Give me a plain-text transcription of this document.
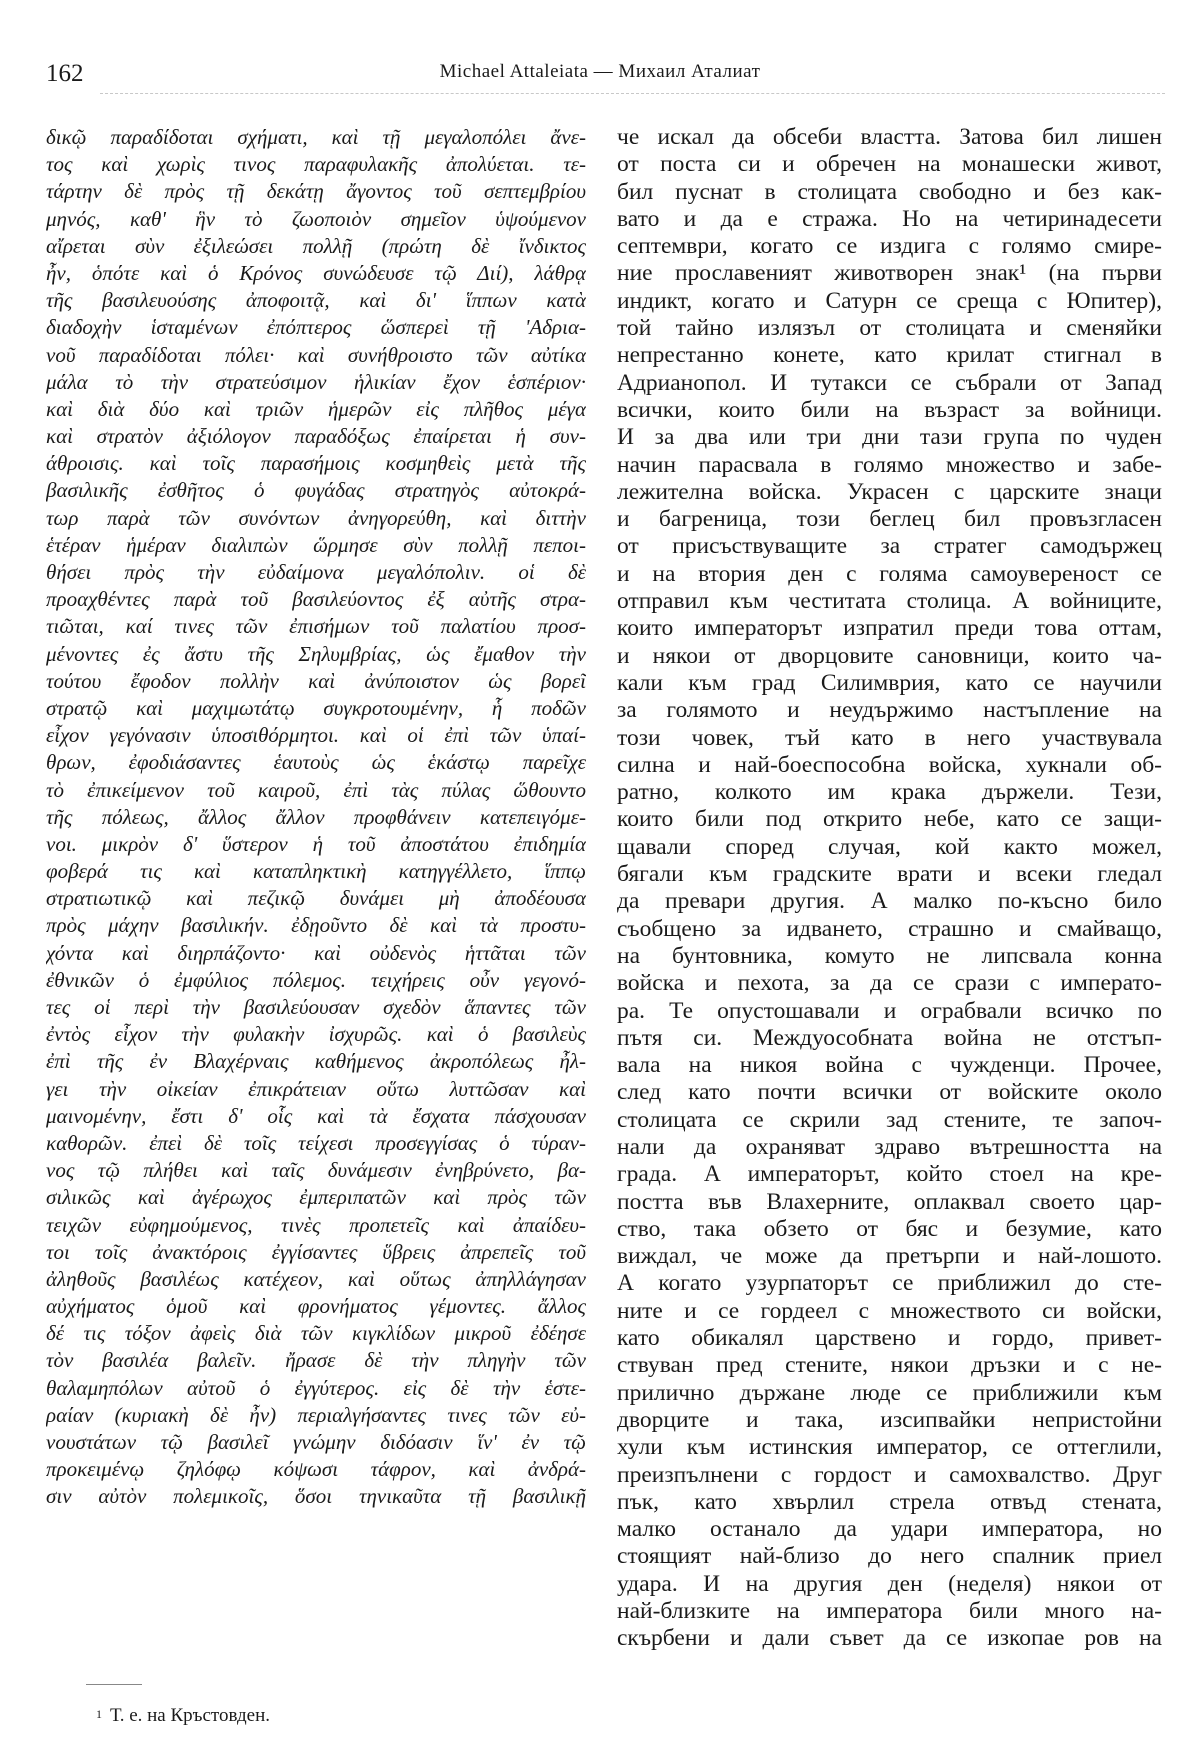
162	Michael Attaleiata — Михаил Аталиат
δικῷ παραδίδοται σχήματι, καὶ τῇ μεγαλοπόλει ἄνε-
τος καὶ χωρὶς τινος παραφυλακῆς ἀπολύεται. τε-
τάρτην δὲ πρὸς τῇ δεκάτῃ ἄγοντος τοῦ σεπτεμβρίου
μηνός, καθ' ἣν τὸ ζωοποιὸν σημεῖον ὑψούμενον
αἴρεται σὺν ἐξιλεώσει πολλῇ (πρώτη δὲ ἴνδικτος
ἦν, ὁπότε καὶ ὁ Κρόνος συνώδευσε τῷ Διί), λάθρᾳ
τῆς βασιλευούσης ἀποφοιτᾷ, καὶ δι' ἵππων κατὰ
διαδοχὴν ἱσταμένων ἐπόπτερος ὥσπερεὶ τῇ 'Αδρια-
νοῦ παραδίδοται πόλει· καὶ συνήθροιστο τῶν αὐτίκα
μάλα τὸ τὴν στρατεύσιμον ἡλικίαν ἔχον ἑσπέριον·
καὶ διὰ δύο καὶ τριῶν ἡμερῶν εἰς πλῆθος μέγα
καὶ στρατὸν ἀξιόλογον παραδόξως ἐπαίρεται ἡ συν-
άθροισις. καὶ τοῖς παρασήμοις κοσμηθεὶς μετὰ τῆς
βασιλικῆς ἐσθῆτος ὁ φυγάδας στρατηγὸς αὐτοκρά-
τωρ παρὰ τῶν συνόντων ἀνηγορεύθη, καὶ διττὴν
ἑτέραν ἡμέραν διαλιπὼν ὥρμησε σὺν πολλῇ πεποι-
θήσει πρὸς τὴν εὐδαίμονα μεγαλόπολιν. οἱ δὲ
προαχθέντες παρὰ τοῦ βασιλεύοντος ἐξ αὐτῆς στρα-
τιῶται, καί τινες τῶν ἐπισήμων τοῦ παλατίου προσ-
μένοντες ἐς ἄστυ τῆς Σηλυμβρίας, ὡς ἔμαθον τὴν
τούτου ἔφοδον πολλὴν καὶ ἀνύποιστον ὡς βορεῖ
στρατῷ καὶ μαχιμωτάτῳ συγκροτουμένην, ἧ ποδῶν
εἶχον γεγόνασιν ὑποσιθόρμητοι. καὶ οἱ ἐπὶ τῶν ὑπαί-
θρων, ἐφοδιάσαντες ἑαυτοὺς ὡς ἑκάστῳ παρεῖχε
τὸ ἐπικείμενον τοῦ καιροῦ, ἐπὶ τὰς πύλας ὥθουντο
τῆς πόλεως, ἄλλος ἄλλον προφθάνειν κατεπειγόμε-
νοι. μικρὸν δ' ὕστερον ἡ τοῦ ἀποστάτου ἐπιδημία
φοβερά τις καὶ καταπληκτικὴ κατηγγέλλετο, ἵππῳ
στρατιωτικῷ καὶ πεζικῷ δυνάμει μὴ ἀποδέουσα
πρὸς μάχην βασιλικήν. ἐδῃοῦντο δὲ καὶ τὰ προστυ-
χόντα καὶ διηρπάζοντο· καὶ οὐδενὸς ἡττᾶται τῶν
ἐθνικῶν ὁ ἐμφύλιος πόλεμος. τειχήρεις οὖν γεγονό-
τες οἱ περὶ τὴν βασιλεύουσαν σχεδὸν ἅπαντες τῶν
ἐντὸς εἶχον τὴν φυλακὴν ἰσχυρῶς. καὶ ὁ βασιλεὺς
ἐπὶ τῆς ἐν Βλαχέρναις καθήμενος ἀκροπόλεως ἦλ-
γει τὴν οἰκείαν ἐπικράτειαν οὕτω λυττῶσαν καὶ
μαινομένην, ἔστι δ' οἷς καὶ τὰ ἔσχατα πάσχουσαν
καθορῶν. ἐπεὶ δὲ τοῖς τείχεσι προσεγγίσας ὁ τύραν-
νος τῷ πλήθει καὶ ταῖς δυνάμεσιν ἐνηβρύνετο, βα-
σιλικῶς καὶ ἀγέρωχος ἐμπεριπατῶν καὶ πρὸς τῶν
τειχῶν εὐφημούμενος, τινὲς προπετεῖς καὶ ἀπαίδευ-
τοι τοῖς ἀνακτόροις ἐγγίσαντες ὕβρεις ἀπρεπεῖς τοῦ
ἀληθοῦς βασιλέως κατέχεον, καὶ οὕτως ἀπηλλάγησαν
αὐχήματος ὁμοῦ καὶ φρονήματος γέμοντες. ἄλλος
δέ τις τόξον ἀφεὶς διὰ τῶν κιγκλίδων μικροῦ ἐδέησε
τὸν βασιλέα βαλεῖν. ἤρασε δὲ τὴν πληγὴν τῶν
θαλαμηπόλων αὐτοῦ ὁ ἐγγύτερος. εἰς δὲ τὴν ἑστε-
ραίαν (κυριακὴ δὲ ἦν) περιαλγήσαντες τινες τῶν εὐ-
νουστάτων τῷ βασιλεῖ γνώμην διδόασιν ἵν' ἐν τῷ
προκειμένῳ ζηλόφῳ κόψωσι τάφρον, καὶ ἀνδρά-
σιν αὐτὸν πολεμικοῖς, ὅσοι τηνικαῦτα τῇ βασιλικῇ
че искал да обсеби властта. Затова бил лишен
от поста си и обречен на монашески живот,
бил пуснат в столицата свободно и без как-
вато и да е стража. Но на четиринадесети
септември, когато се издига с голямо смире-
ние прославеният животворен знак¹ (на първи
индикт, когато и Сатурн се среща с Юпитер),
той тайно излязъл от столицата и сменяйки
непрестанно конете, като крилат стигнал в
Адрианопол. И тутакси се събрали от Запад
всички, които били на възраст за войници.
И за два или три дни тази група по чуден
начин парасвала в голямо множество и забе-
лежителна войска. Украсен с царските знаци
и багреница, този беглец бил провъзгласен
от присъствуващите за стратег самодържец
и на втория ден с голяма самоувереност се
отправил към честитата столица. А войниците,
които императорът изпратил преди това оттам,
и някои от дворцовите сановници, които ча-
кали към град Силимврия, като се научили
за голямото и неудържимо настъпление на
този човек, тъй като в него участвувала
силна и най-боеспособна войска, хукнали об-
ратно, колкото им крака държели. Тези,
които били под открито небе, като се защи-
щавали според случая, кой както можел,
бягали към градските врати и всеки гледал
да превари другия. А малко по-късно било
съобщено за идването, страшно и смайващо,
на бунтовника, комуто не липсвала конна
войска и пехота, за да се срази с императо-
ра. Те опустошавали и ограбвали всичко по
пътя си. Междуособната война не отстъп-
вала на никоя война с чужденци. Прочее,
след като почти всички от войските около
столицата се скрили зад стените, те започ-
нали да охраняват здраво вътрешността на
града. А императорът, който стоел на кре-
постта във Влахерните, оплаквал своето цар-
ство, така обзето от бяс и безумие, като
виждал, че може да претърпи и най-лошото.
А когато узурпаторът се приближил до сте-
ните и се гордеел с множеството си войски,
като обикалял царствено и гордо, привет-
ствуван пред стените, някои дръзки и с не-
прилично държане люде се приближили към
дворците и така, изсипвайки непристойни
хули към истинския император, се оттеглили,
преизпълнени с гордост и самохвалство. Друг
пък, като хвърлил стрела отвъд стената,
малко останало да удари императора, но
стоящият най-близо до него спалник приел
удара. И на другия ден (неделя) някои от
най-близките на императора били много на-
скърбени и дали съвет да се изкопае ров на
$^1$ Т. е. на Кръстовден.
